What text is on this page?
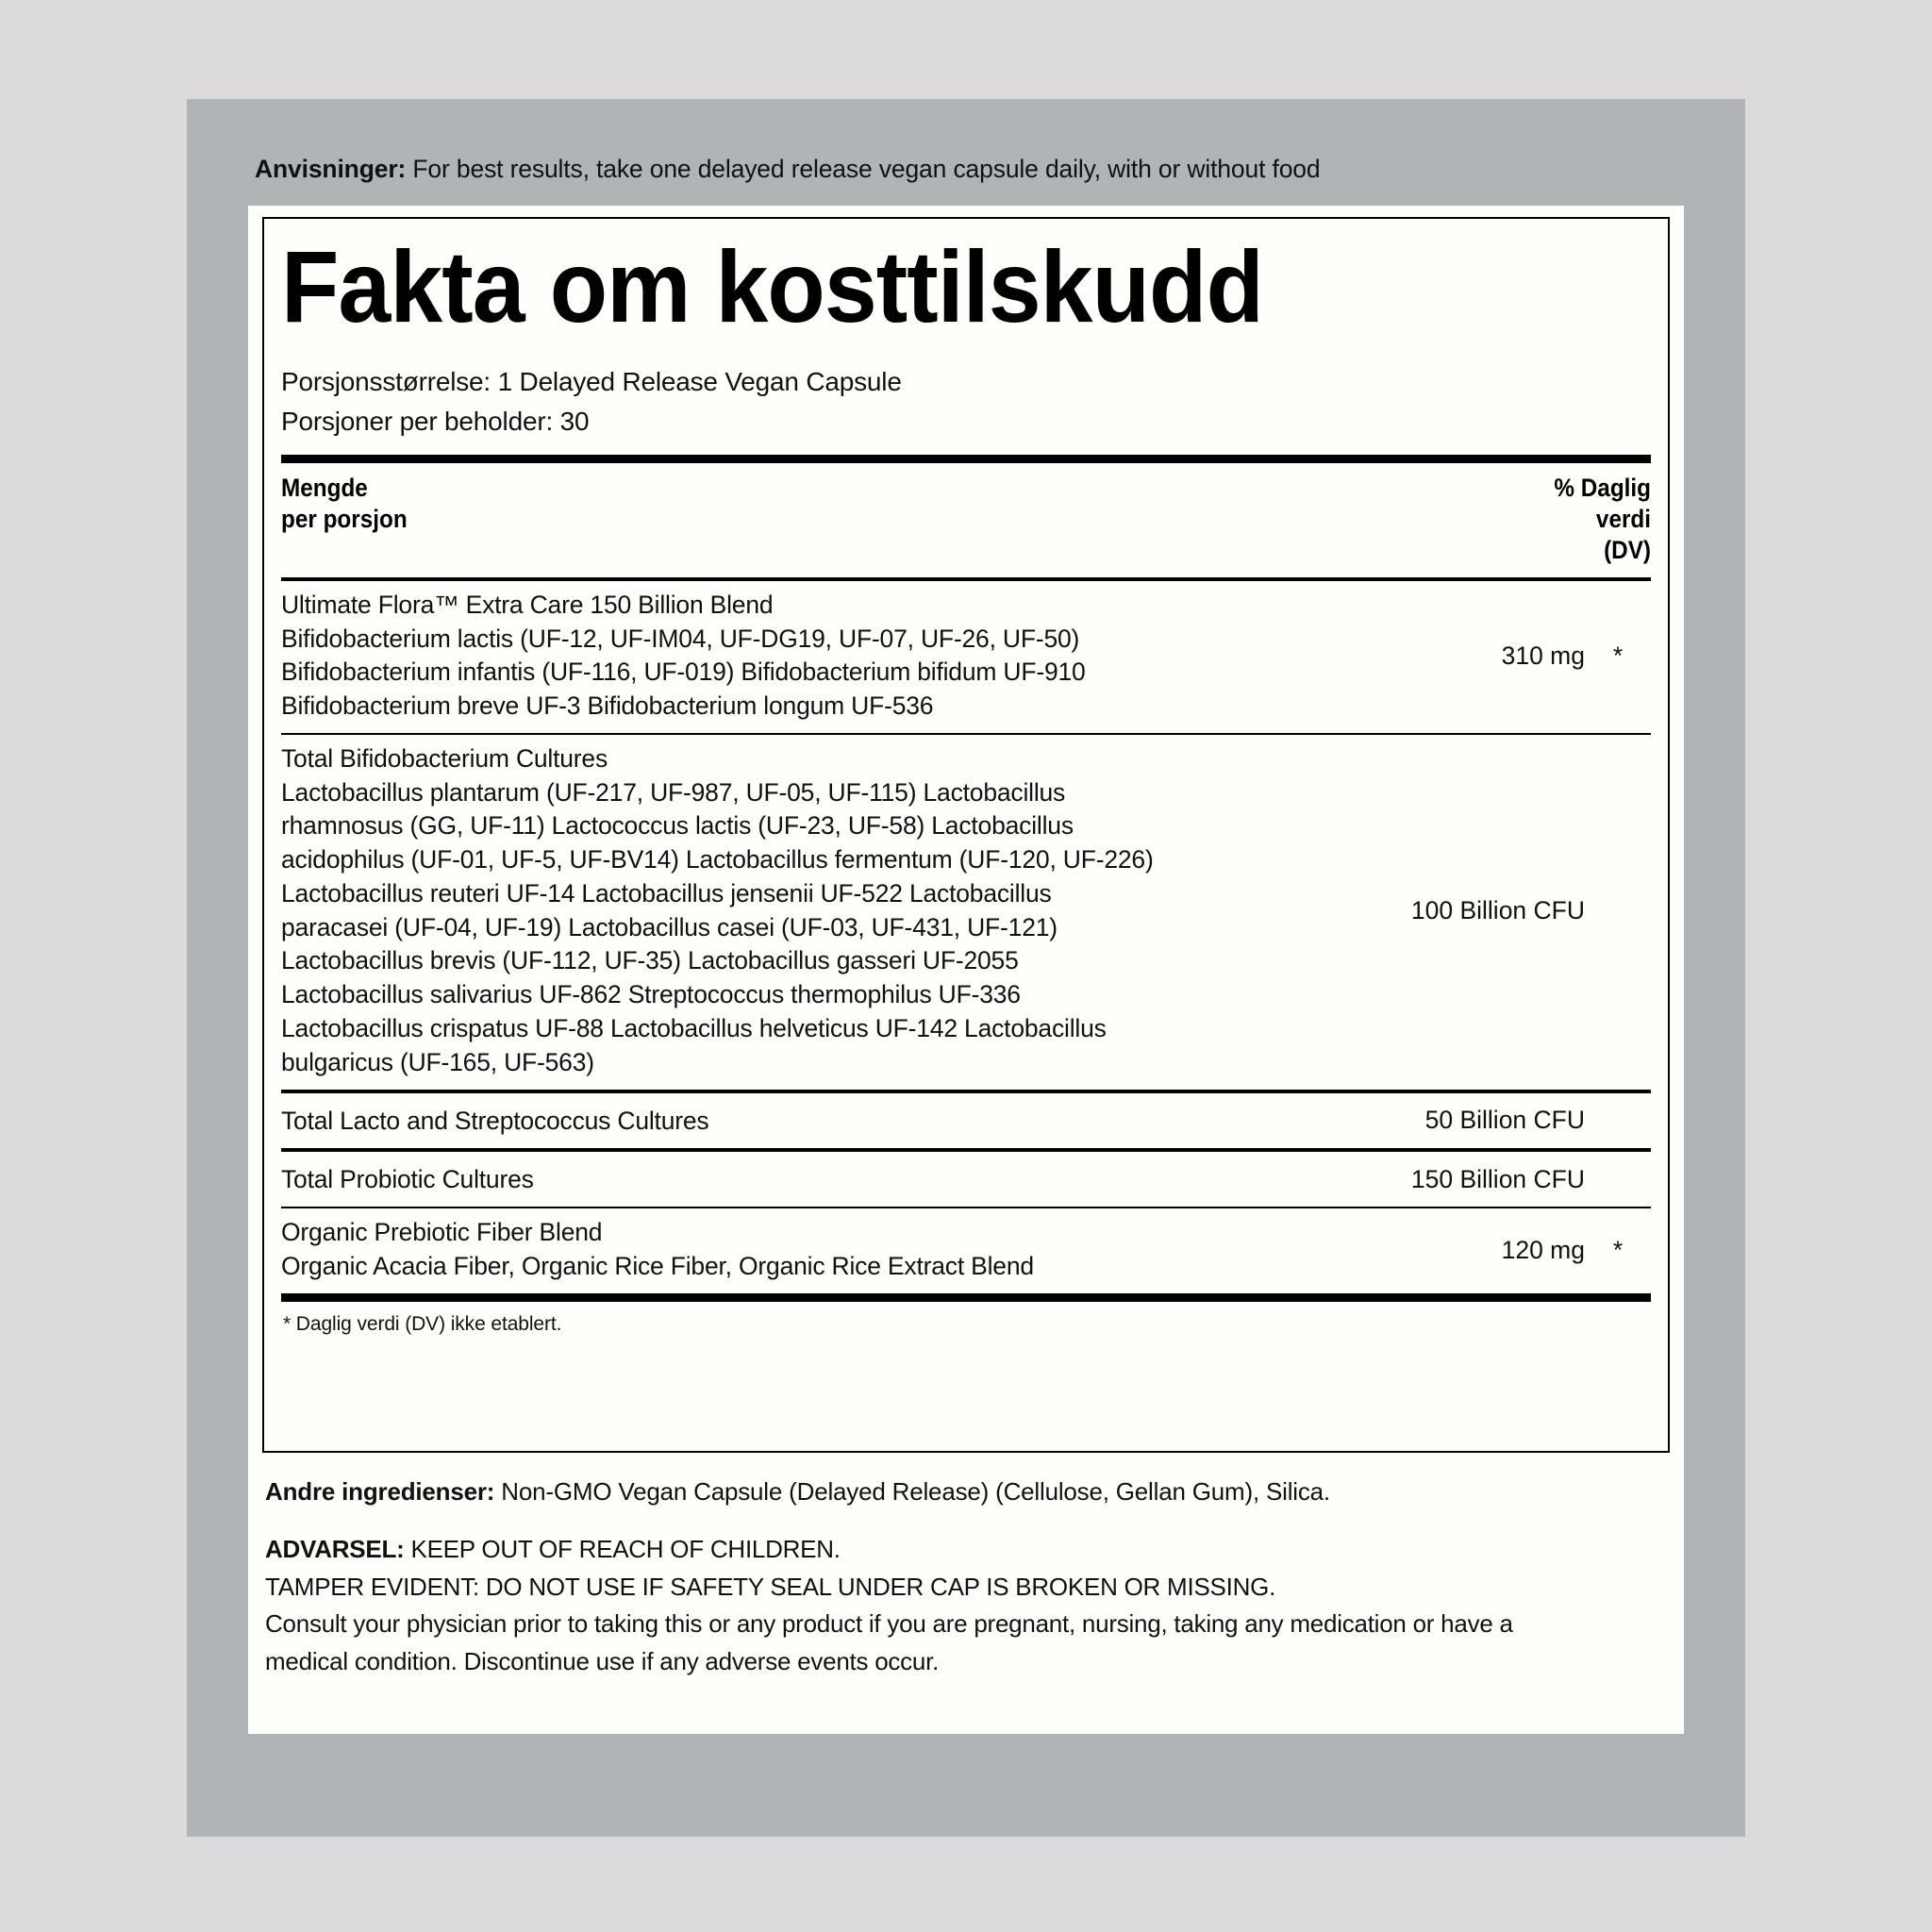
Anvisninger: For best results, take one delayed release vegan capsule daily, with or without food
Fakta om kosttilskudd
Porsjonsstørrelse: 1 Delayed Release Vegan Capsule
Porsjoner per beholder: 30
Mengde
per porsjon
% Daglig
verdi
(DV)
Ultimate Flora™ Extra Care 150 Billion Blend
Bifidobacterium lactis (UF-12, UF-IM04, UF-DG19, UF-07, UF-26, UF-50)
Bifidobacterium infantis (UF-116, UF-019) Bifidobacterium bifidum UF-910
Bifidobacterium breve UF-3 Bifidobacterium longum UF-536
310 mg	*
Total Bifidobacterium Cultures
Lactobacillus plantarum (UF-217, UF-987, UF-05, UF-115) Lactobacillus
rhamnosus (GG, UF-11) Lactococcus lactis (UF-23, UF-58) Lactobacillus
acidophilus (UF-01, UF-5, UF-BV14) Lactobacillus fermentum (UF-120, UF-226)
Lactobacillus reuteri UF-14 Lactobacillus jensenii UF-522 Lactobacillus
paracasei (UF-04, UF-19) Lactobacillus casei (UF-03, UF-431, UF-121)
Lactobacillus brevis (UF-112, UF-35) Lactobacillus gasseri UF-2055
Lactobacillus salivarius UF-862 Streptococcus thermophilus UF-336
Lactobacillus crispatus UF-88 Lactobacillus helveticus UF-142 Lactobacillus
bulgaricus (UF-165, UF-563)
100 Billion CFU
Total Lacto and Streptococcus Cultures	50 Billion CFU
Total Probiotic Cultures	150 Billion CFU
Organic Prebiotic Fiber Blend
Organic Acacia Fiber, Organic Rice Fiber, Organic Rice Extract Blend
120 mg	*
* Daglig verdi (DV) ikke etablert.
Andre ingredienser: Non-GMO Vegan Capsule (Delayed Release) (Cellulose, Gellan Gum), Silica.
ADVARSEL: KEEP OUT OF REACH OF CHILDREN.
TAMPER EVIDENT: DO NOT USE IF SAFETY SEAL UNDER CAP IS BROKEN OR MISSING.
Consult your physician prior to taking this or any product if you are pregnant, nursing, taking any medication or have a
medical condition. Discontinue use if any adverse events occur.
